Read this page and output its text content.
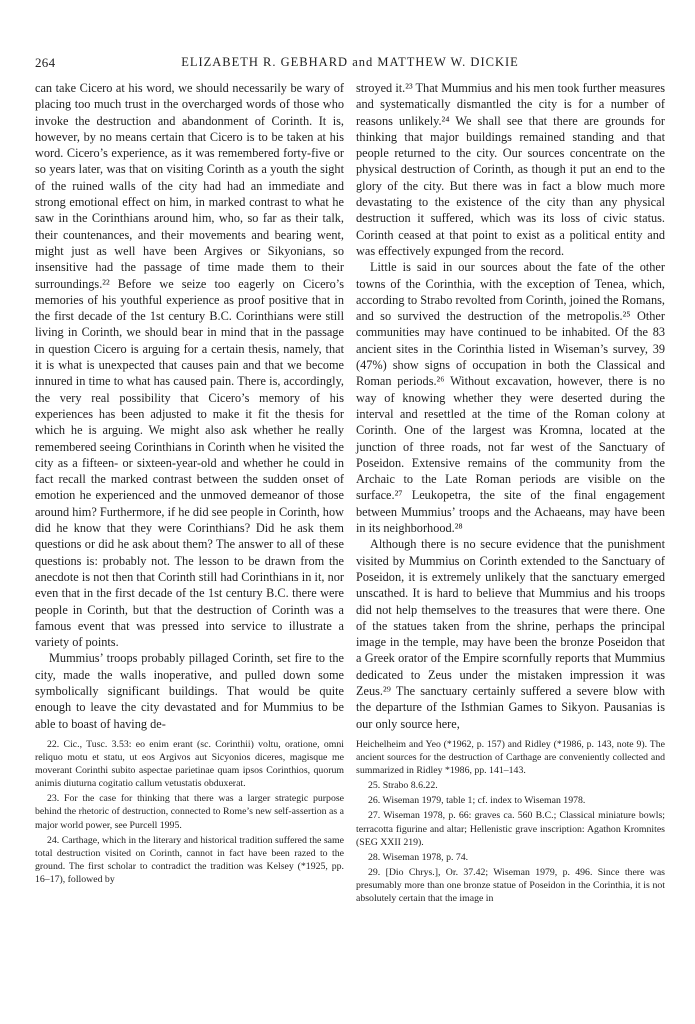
264	ELIZABETH R. GEBHARD and MATTHEW W. DICKIE

can take Cicero at his word, we should necessarily be wary of placing too much trust in the overcharged words of those who invoke the destruction and abandonment of Corinth. It is, however, by no means certain that Cicero is to be taken at his word. Cicero’s experience, as it was remembered forty-five or so years later, was that on visiting Corinth as a youth the sight of the ruined walls of the city had had an immediate and strong emotional effect on him, in marked contrast to what he saw in the Corinthians around him, who, so far as their talk, their countenances, and their movements and bearing went, might just as well have been Argives or Sikyonians, so insensitive had the passage of time made them to their surroundings.²² Before we seize too eagerly on Cicero’s memories of his youthful experience as proof positive that in the first decade of the 1st century B.C. Corinthians were still living in Corinth, we should bear in mind that in the passage in question Cicero is arguing for a certain thesis, namely, that it is what is unexpected that causes pain and that we become innured in time to what has caused pain. There is, accordingly, the very real possibility that Cicero’s memory of his experiences has been adjusted to make it fit the thesis for which he is arguing. We might also ask whether he really remembered seeing Corinthians in Corinth when he visited the city as a fifteen- or sixteen-year-old and whether he could in fact recall the marked contrast between the sudden onset of emotion he experienced and the unmoved demeanor of those around him? Furthermore, if he did see people in Corinth, how did he know that they were Corinthians? Did he ask them questions or did he ask about them? The answer to all of these questions is: probably not. The lesson to be drawn from the anecdote is not then that Corinth still had Corinthians in it, nor even that in the first decade of the 1st century B.C. there were people in Corinth, but that the destruction of Corinth was a famous event that was pressed into service to illustrate a variety of points.

Mummius’ troops probably pillaged Corinth, set fire to the city, made the walls inoperative, and pulled down some symbolically significant buildings. That would be quite enough to leave the city devastated and for Mummius to be able to boast of having de-

stroyed it.²³ That Mummius and his men took further measures and systematically dismantled the city is for a number of reasons unlikely.²⁴ We shall see that there are grounds for thinking that major buildings remained standing and that people returned to the city. Our sources concentrate on the physical destruction of Corinth, as though it put an end to the glory of the city. But there was in fact a blow much more devastating to the existence of the city than any physical destruction it suffered, which was its loss of civic status. Corinth ceased at that point to exist as a political entity and was effectively expunged from the record.

Little is said in our sources about the fate of the other towns of the Corinthia, with the exception of Tenea, which, according to Strabo revolted from Corinth, joined the Romans, and so survived the destruction of the metropolis.²⁵ Other communities may have continued to be inhabited. Of the 83 ancient sites in the Corinthia listed in Wiseman’s survey, 39 (47%) show signs of occupation in both the Classical and Roman periods.²⁶ Without excavation, however, there is no way of knowing whether they were deserted during the interval and resettled at the time of the Roman colony at Corinth. One of the largest was Kromna, located at the junction of three roads, not far west of the Sanctuary of Poseidon. Extensive remains of the community from the Archaic to the Late Roman periods are visible on the surface.²⁷ Leukopetra, the site of the final engagement between Mummius’ troops and the Achaeans, may have been in its neighborhood.²⁸

Although there is no secure evidence that the punishment visited by Mummius on Corinth extended to the Sanctuary of Poseidon, it is extremely unlikely that the sanctuary emerged unscathed. It is hard to believe that Mummius and his troops did not help themselves to the treasures that were there. One of the statues taken from the shrine, perhaps the principal image in the temple, may have been the bronze Poseidon that a Greek orator of the Empire scornfully reports that Mummius dedicated to Zeus under the mistaken impression it was Zeus.²⁹ The sanctuary certainly suffered a severe blow with the departure of the Isthmian Games to Sikyon. Pausanias is our only source here,

22. Cic., Tusc. 3.53: eo enim erant (sc. Corinthii) voltu, oratione, omni reliquo motu et statu, ut eos Argivos aut Sicyonios diceres, magisque me moverant Corinthi subito aspectae parietinae quam ipsos Corinthios, quorum animis diuturna cogitatio callum vetustatis obduxerat.

23. For the case for thinking that there was a larger strategic purpose behind the rhetoric of destruction, connected to Rome’s new self-assertion as a major world power, see Purcell 1995.

24. Carthage, which in the literary and historical tradition suffered the same total destruction visited on Corinth, cannot in fact have been razed to the ground. The first scholar to contradict the tradition was Kelsey (*1925, pp. 16–17), followed by

Heichelheim and Yeo (*1962, p. 157) and Ridley (*1986, p. 143, note 9). The ancient sources for the destruction of Carthage are conveniently collected and summarized in Ridley *1986, pp. 141–143.

25. Strabo 8.6.22.

26. Wiseman 1979, table 1; cf. index to Wiseman 1978.

27. Wiseman 1978, p. 66: graves ca. 560 B.C.; Classical miniature bowls; terracotta figurine and altar; Hellenistic grave inscription: Agathon Kromnites (SEG XXII 219).

28. Wiseman 1978, p. 74.

29. [Dio Chrys.], Or. 37.42; Wiseman 1979, p. 496. Since there was presumably more than one bronze statue of Poseidon in the Corinthia, it is not absolutely certain that the image in
